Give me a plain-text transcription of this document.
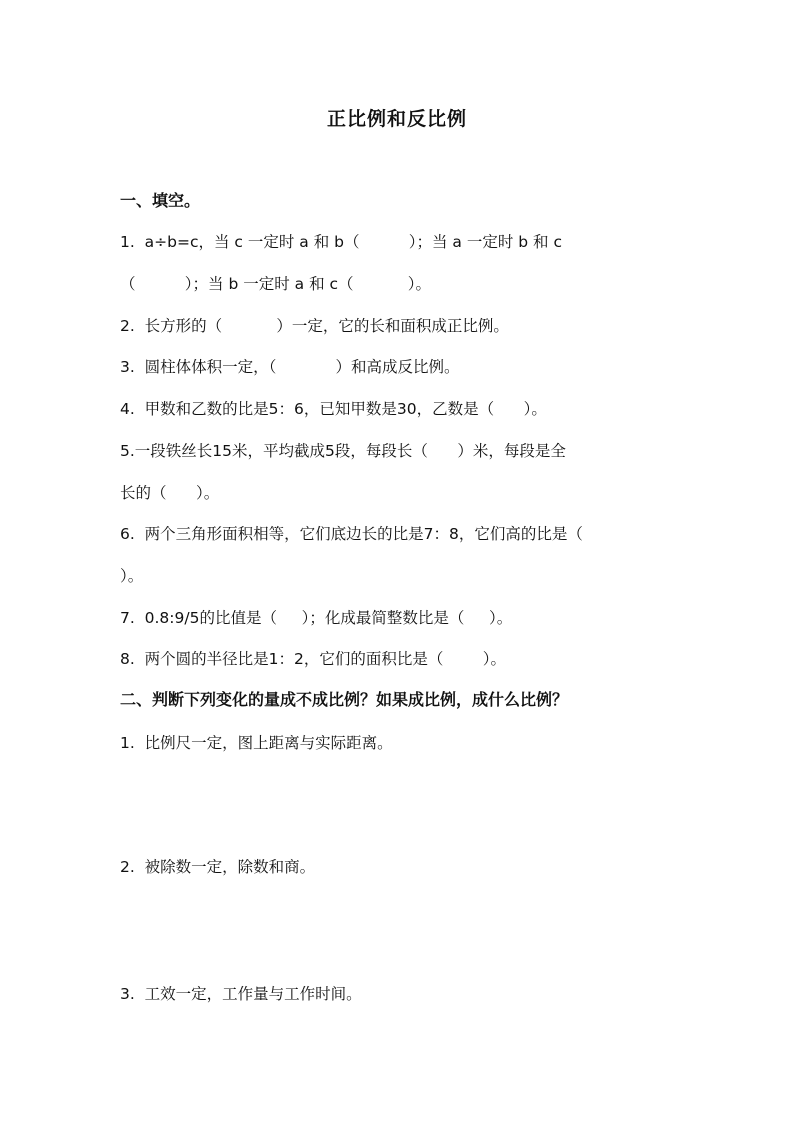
正比例和反比例
一、填空。
1.  a÷b=c，当 c 一定时 a 和 b（          ）；当 a 一定时 b 和 c
（          ）；当 b 一定时 a 和 c（           ）。
2.  长方形的（           ）一定，它的长和面积成正比例。
3.  圆柱体体积一定，（            ）和高成反比例。
4.  甲数和乙数的比是5：6，已知甲数是30，乙数是（      ）。
5.一段铁丝长15米，平均截成5段，每段长（      ）米，每段是全
长的（      ）。
6.  两个三角形面积相等，它们底边长的比是7：8，它们高的比是（
）。
7.  0.8:9/5的比值是（     ）；化成最简整数比是（     ）。
8.  两个圆的半径比是1：2，它们的面积比是（        ）。
二、判断下列变化的量成不成比例？如果成比例，成什么比例？
1.  比例尺一定，图上距离与实际距离。
2.  被除数一定，除数和商。
3.  工效一定，工作量与工作时间。
